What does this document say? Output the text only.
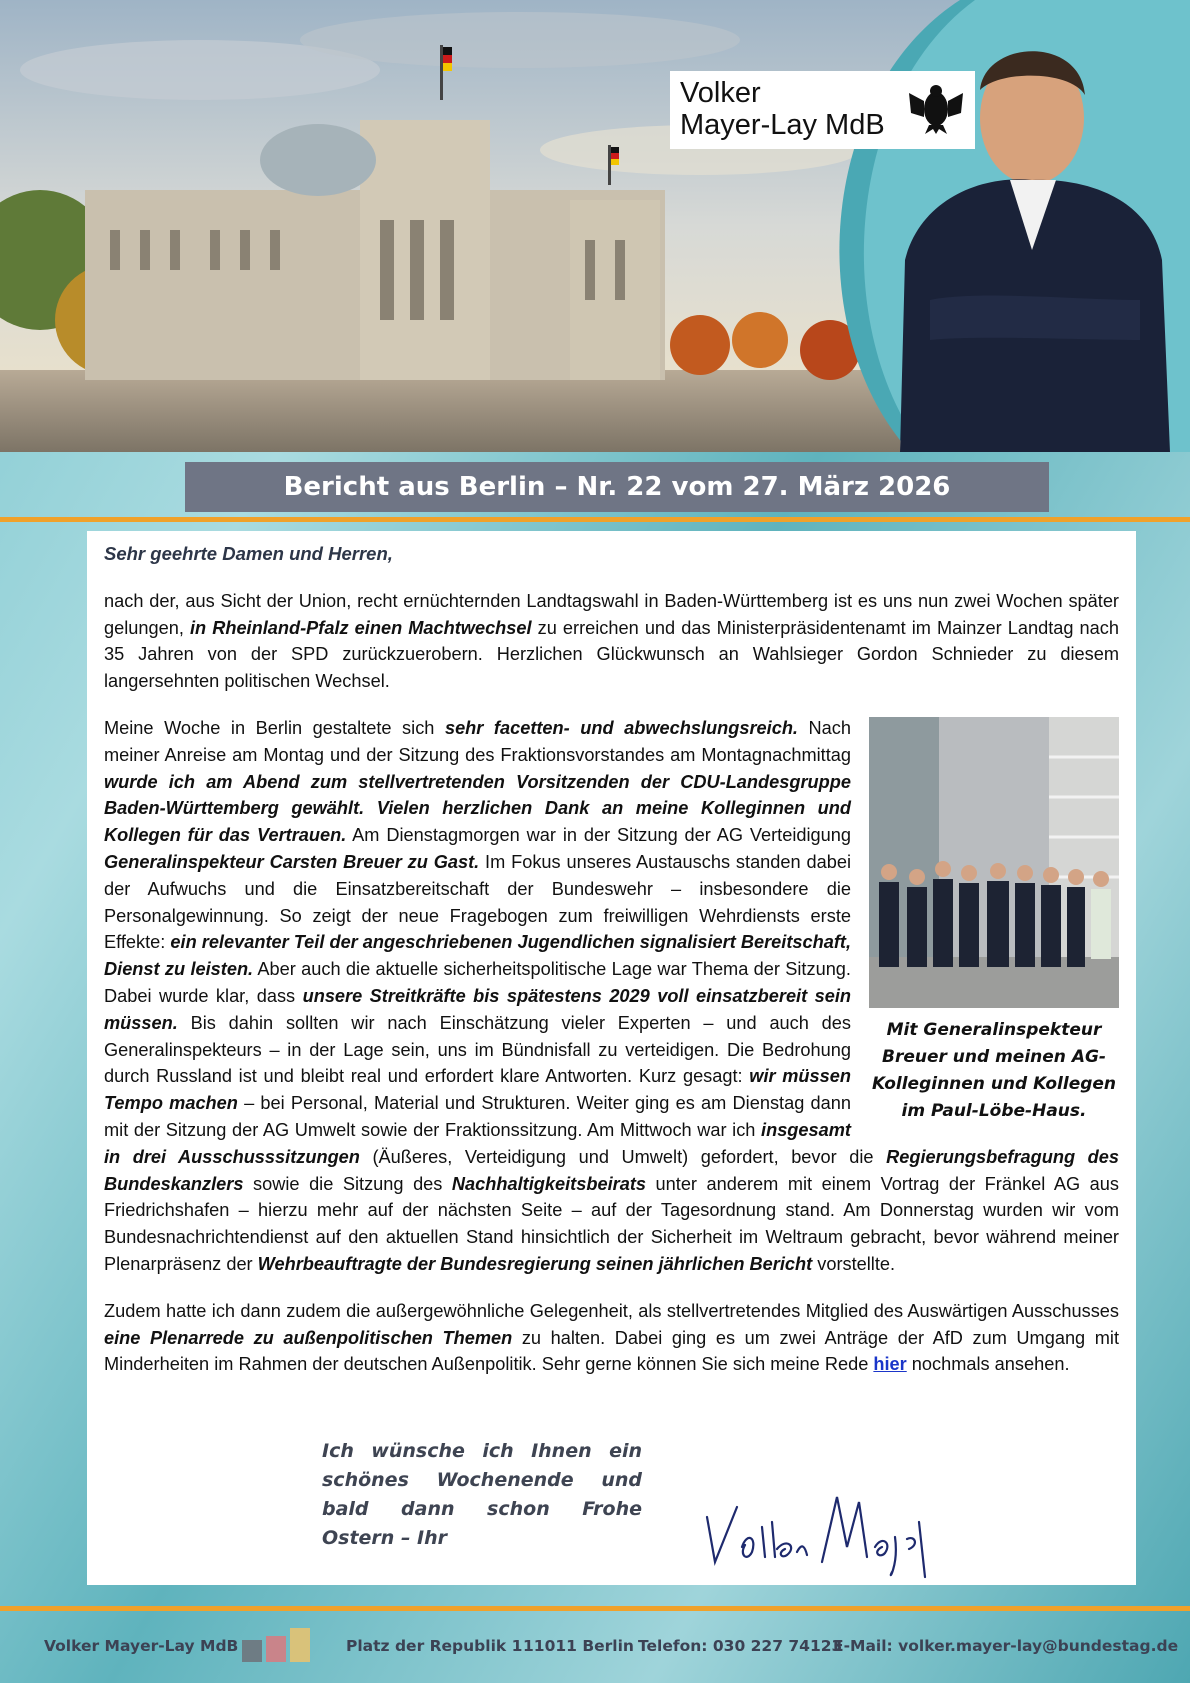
Volker
Mayer-Lay MdB
Bericht aus Berlin – Nr. 22 vom 27. März 2026

Sehr geehrte Damen und Herren,

nach der, aus Sicht der Union, recht ernüchternden Landtagswahl in Baden-Württemberg ist es uns nun zwei Wochen später gelungen, in Rheinland-Pfalz einen Machtwechsel zu erreichen und das Ministerpräsidentenamt im Mainzer Landtag nach 35 Jahren von der SPD zurückzuerobern. Herzlichen Glückwunsch an Wahlsieger Gordon Schnieder zu diesem langersehnten politischen Wechsel.

Mit Generalinspekteur Breuer und meinen AG-Kolleginnen und Kollegen im Paul-Löbe-Haus.
Meine Woche in Berlin gestaltete sich sehr facetten- und abwechslungsreich. Nach meiner Anreise am Montag und der Sitzung des Fraktionsvorstandes am Montagnachmittag wurde ich am Abend zum stellvertretenden Vorsitzenden der CDU-Landesgruppe Baden-Württemberg gewählt. Vielen herzlichen Dank an meine Kolleginnen und Kollegen für das Vertrauen. Am Dienstagmorgen war in der Sitzung der AG Verteidigung Generalinspekteur Carsten Breuer zu Gast. Im Fokus unseres Austauschs standen dabei der Aufwuchs und die Einsatzbereitschaft der Bundeswehr – insbesondere die Personalgewinnung. So zeigt der neue Fragebogen zum freiwilligen Wehrdiensts erste Effekte: ein relevanter Teil der angeschriebenen Jugendlichen signalisiert Bereitschaft, Dienst zu leisten. Aber auch die aktuelle sicherheitspolitische Lage war Thema der Sitzung. Dabei wurde klar, dass unsere Streitkräfte bis spätestens 2029 voll einsatzbereit sein müssen. Bis dahin sollten wir nach Einschätzung vieler Experten – und auch des Generalinspekteurs – in der Lage sein, uns im Bündnisfall zu verteidigen. Die Bedrohung durch Russland ist und bleibt real und erfordert klare Antworten. Kurz gesagt: wir müssen Tempo machen – bei Personal, Material und Strukturen. Weiter ging es am Dienstag dann mit der Sitzung der AG Umwelt sowie der Fraktionssitzung. Am Mittwoch war ich insgesamt in drei Ausschusssitzungen (Äußeres, Verteidigung und Umwelt) gefordert, bevor die Regierungsbefragung des Bundeskanzlers sowie die Sitzung des Nachhaltigkeitsbeirats unter anderem mit einem Vortrag der Fränkel AG aus Friedrichshafen – hierzu mehr auf der nächsten Seite – auf der Tagesordnung stand. Am Donnerstag wurden wir vom Bundesnachrichtendienst auf den aktuellen Stand hinsichtlich der Sicherheit im Weltraum gebracht, bevor während meiner Plenarpräsenz der Wehrbeauftragte der Bundesregierung seinen jährlichen Bericht vorstellte.

Zudem hatte ich dann zudem die außergewöhnliche Gelegenheit, als stellvertretendes Mitglied des Auswärtigen Ausschusses eine Plenarrede zu außenpolitischen Themen zu halten. Dabei ging es um zwei Anträge der AfD zum Umgang mit Minderheiten im Rahmen der deutschen Außenpolitik. Sehr gerne können Sie sich meine Rede hier nochmals ansehen.

Ich wünsche ich Ihnen ein schönes Wochenende und bald dann schon Frohe Ostern – Ihr
Volker Mayer-Lay MdB	Platz der Republik 1 11011 Berlin Telefon: 030 227 74123
E-Mail: volker.mayer-lay@bundestag.de
